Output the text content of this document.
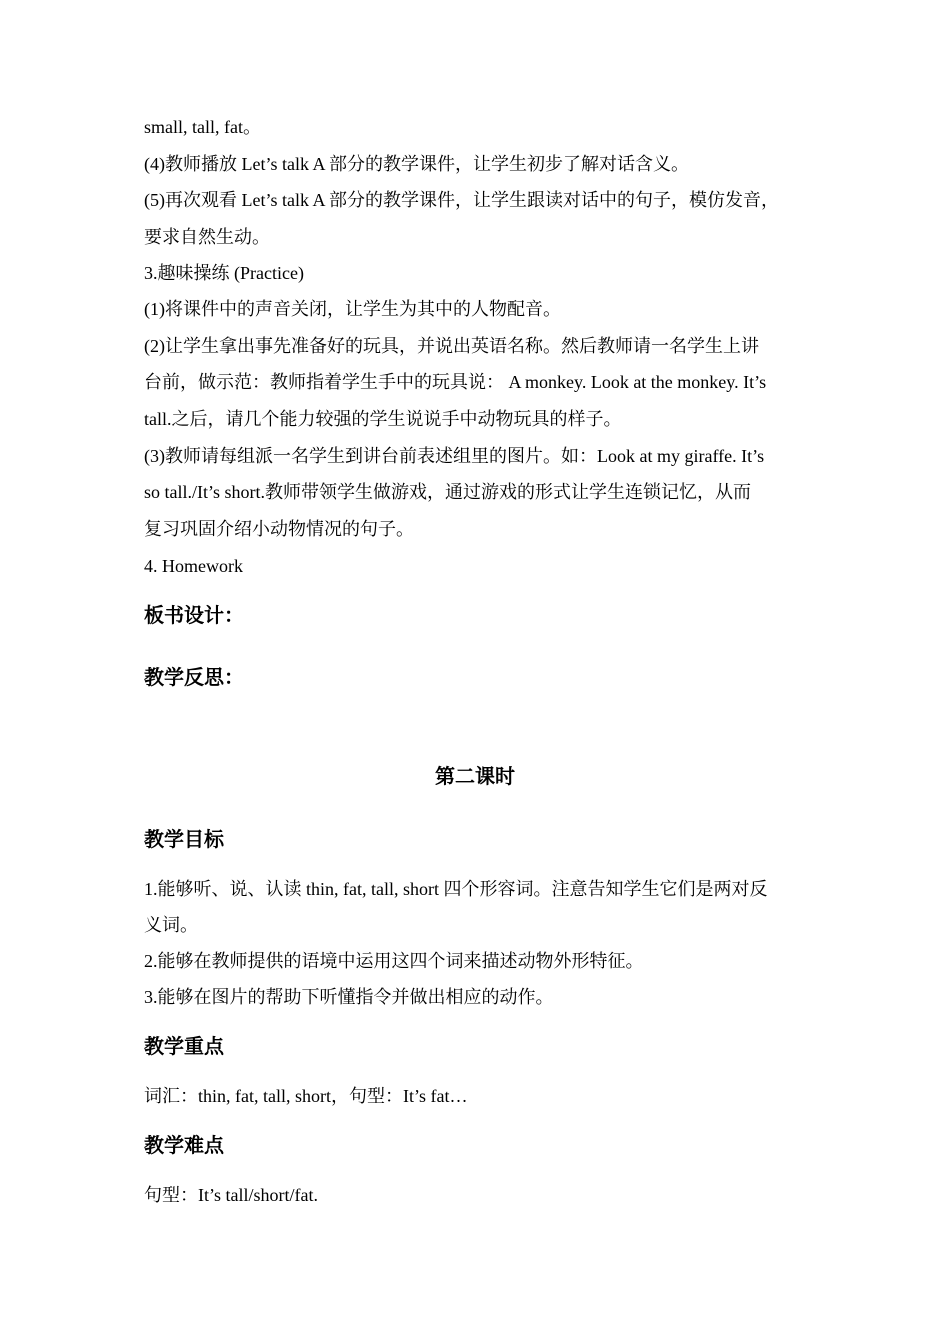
small, tall, fat。
(4)教师播放 Let’s talk A 部分的教学课件，让学生初步了解对话含义。
(5)再次观看 Let’s talk A 部分的教学课件，让学生跟读对话中的句子，模仿发音，
要求自然生动。
3.趣味操练 (Practice)
(1)将课件中的声音关闭，让学生为其中的人物配音。
(2)让学生拿出事先准备好的玩具，并说出英语名称。然后教师请一名学生上讲
台前，做示范：教师指着学生手中的玩具说： A monkey. Look at the monkey. It’s
tall.之后，请几个能力较强的学生说说手中动物玩具的样子。
(3)教师请每组派一名学生到讲台前表述组里的图片。如：Look at my giraffe. It’s
so tall./It’s short.教师带领学生做游戏，通过游戏的形式让学生连锁记忆，从而
复习巩固介绍小动物情况的句子。
4. Homework
板书设计：
教学反思：
第二课时
教学目标
1.能够听、说、认读 thin, fat, tall, short 四个形容词。注意告知学生它们是两对反
义词。
2.能够在教师提供的语境中运用这四个词来描述动物外形特征。
3.能够在图片的帮助下听懂指令并做出相应的动作。
教学重点
词汇：thin, fat, tall, short，句型：It’s fat…
教学难点
句型：It’s tall/short/fat.
